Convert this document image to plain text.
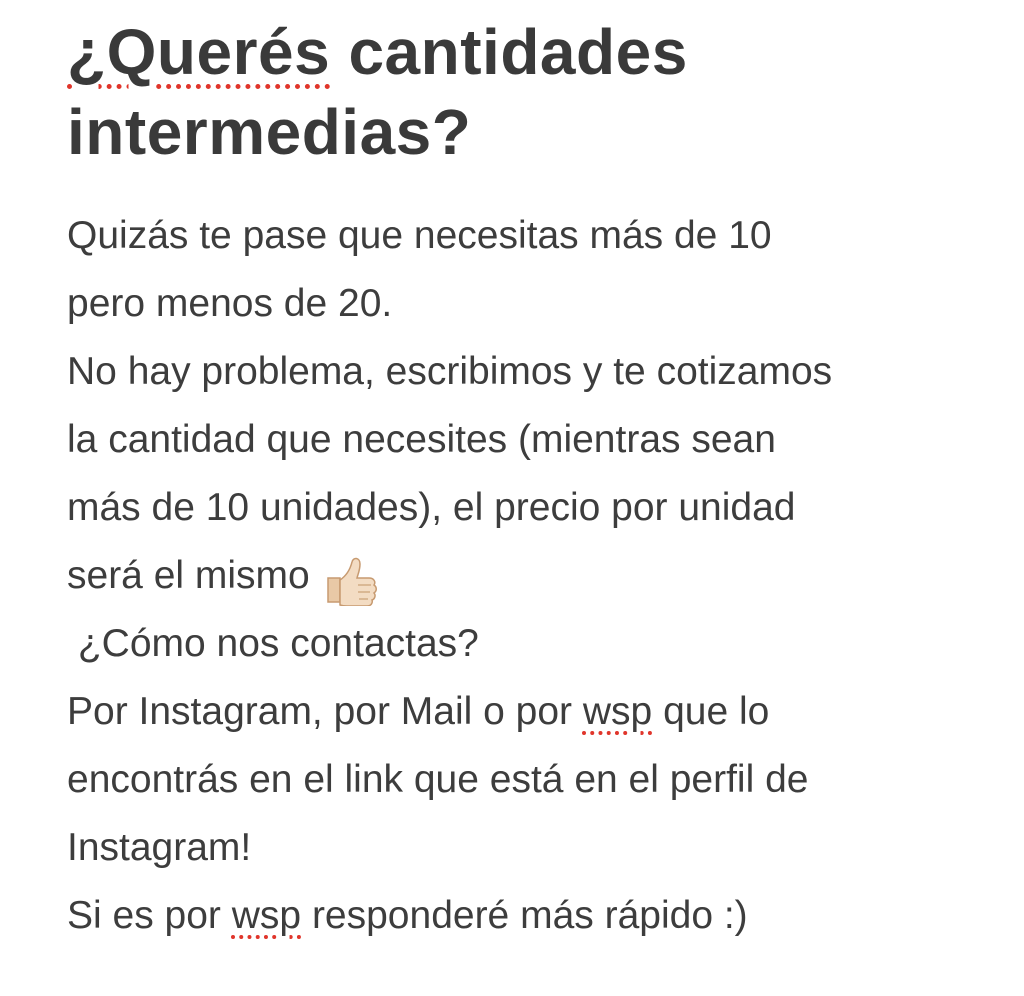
¿Querés cantidades
intermedias?
Quizás te pase que necesitas más de 10
pero menos de 20.
No hay problema, escribimos y te cotizamos
la cantidad que necesites (mientras sean
más de 10 unidades), el precio por unidad
será el mismo
¿Cómo nos contactas?
Por Instagram, por Mail o por wsp que lo
encontrás en el link que está en el perfil de
Instagram!
Si es por wsp responderé más rápido :)
